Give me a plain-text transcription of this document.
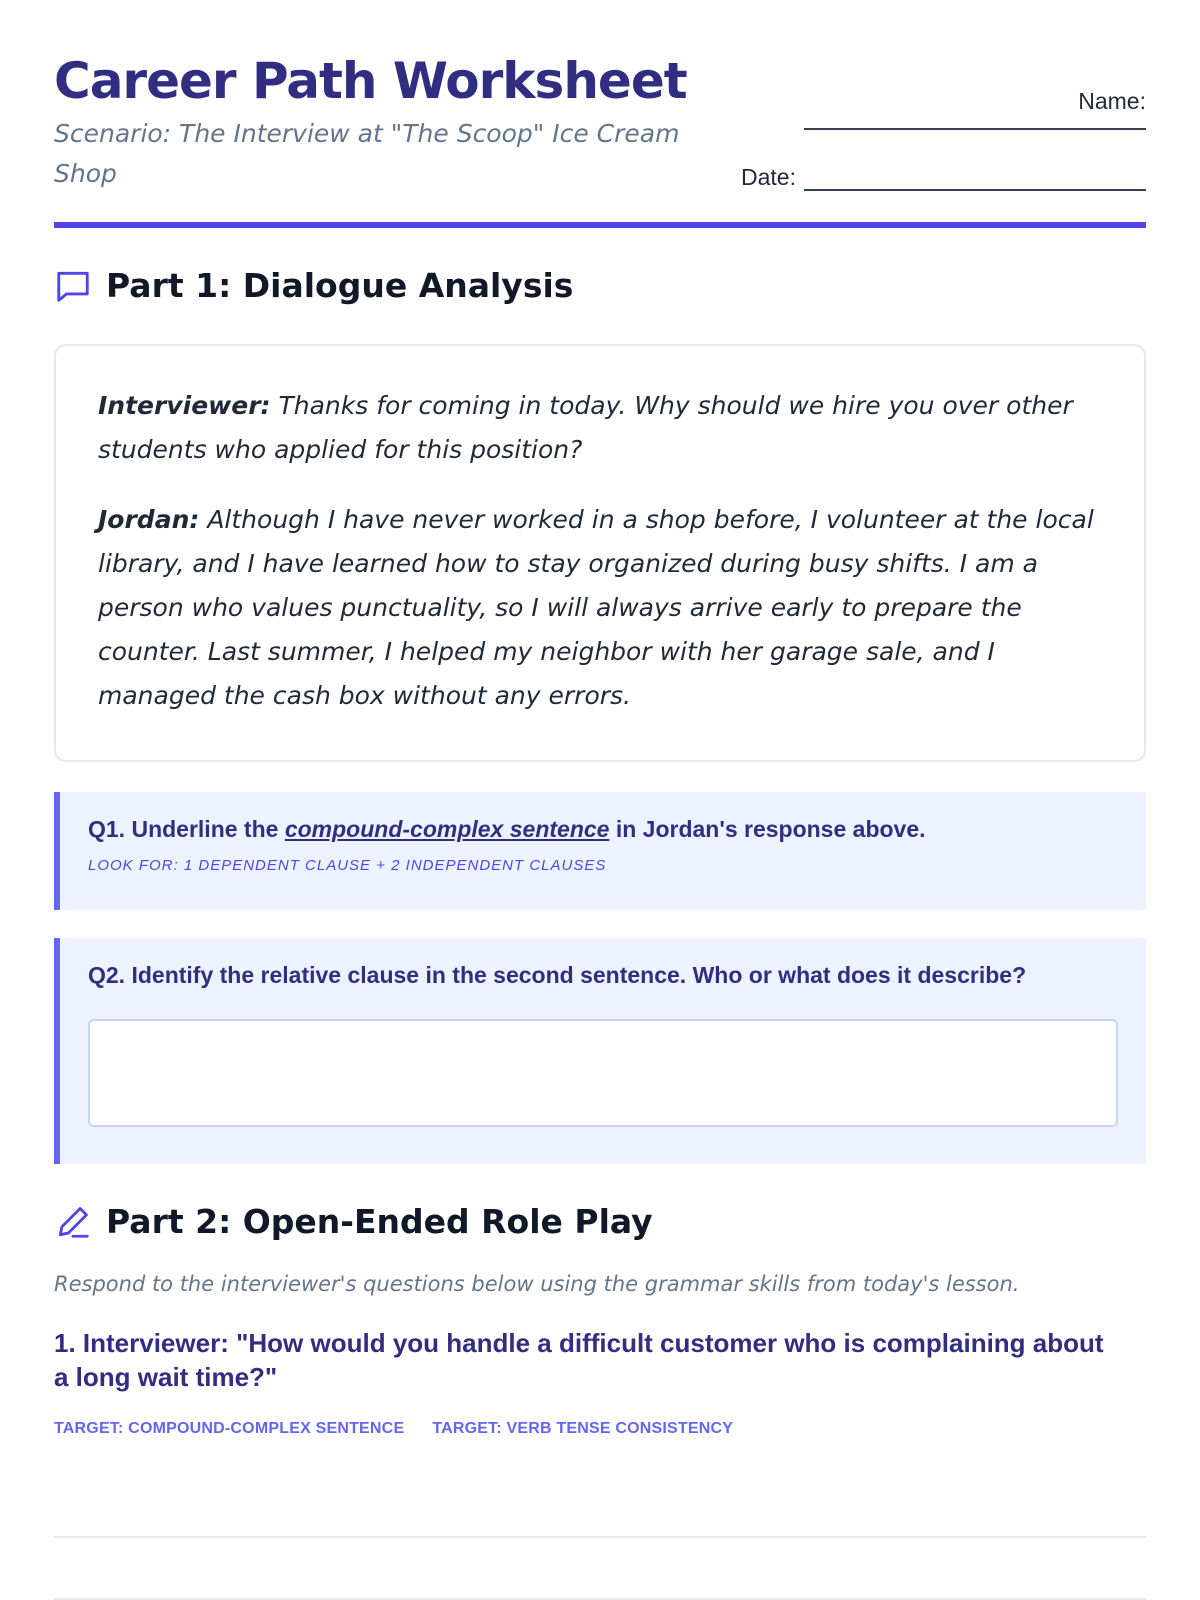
Career Path Worksheet

Scenario: The Interview at "The Scoop" Ice Cream Shop

Name:
Date:
Part 1: Dialogue Analysis

Interviewer: Thanks for coming in today. Why should we hire you over other students who applied for this position?

Jordan: Although I have never worked in a shop before, I volunteer at the local library, and I have learned how to stay organized during busy shifts. I am a person who values punctuality, so I will always arrive early to prepare the counter. Last summer, I helped my neighbor with her garage sale, and I managed the cash box without any errors.

Q1. Underline the compound-complex sentence in Jordan's response above.

LOOK FOR: 1 DEPENDENT CLAUSE + 2 INDEPENDENT CLAUSES

Q2. Identify the relative clause in the second sentence. Who or what does it describe?

Part 2: Open-Ended Role Play

Respond to the interviewer's questions below using the grammar skills from today's lesson.

1. Interviewer: "How would you handle a difficult customer who is complaining about a long wait time?"

TARGET: COMPOUND-COMPLEX SENTENCE TARGET: VERB TENSE CONSISTENCY
